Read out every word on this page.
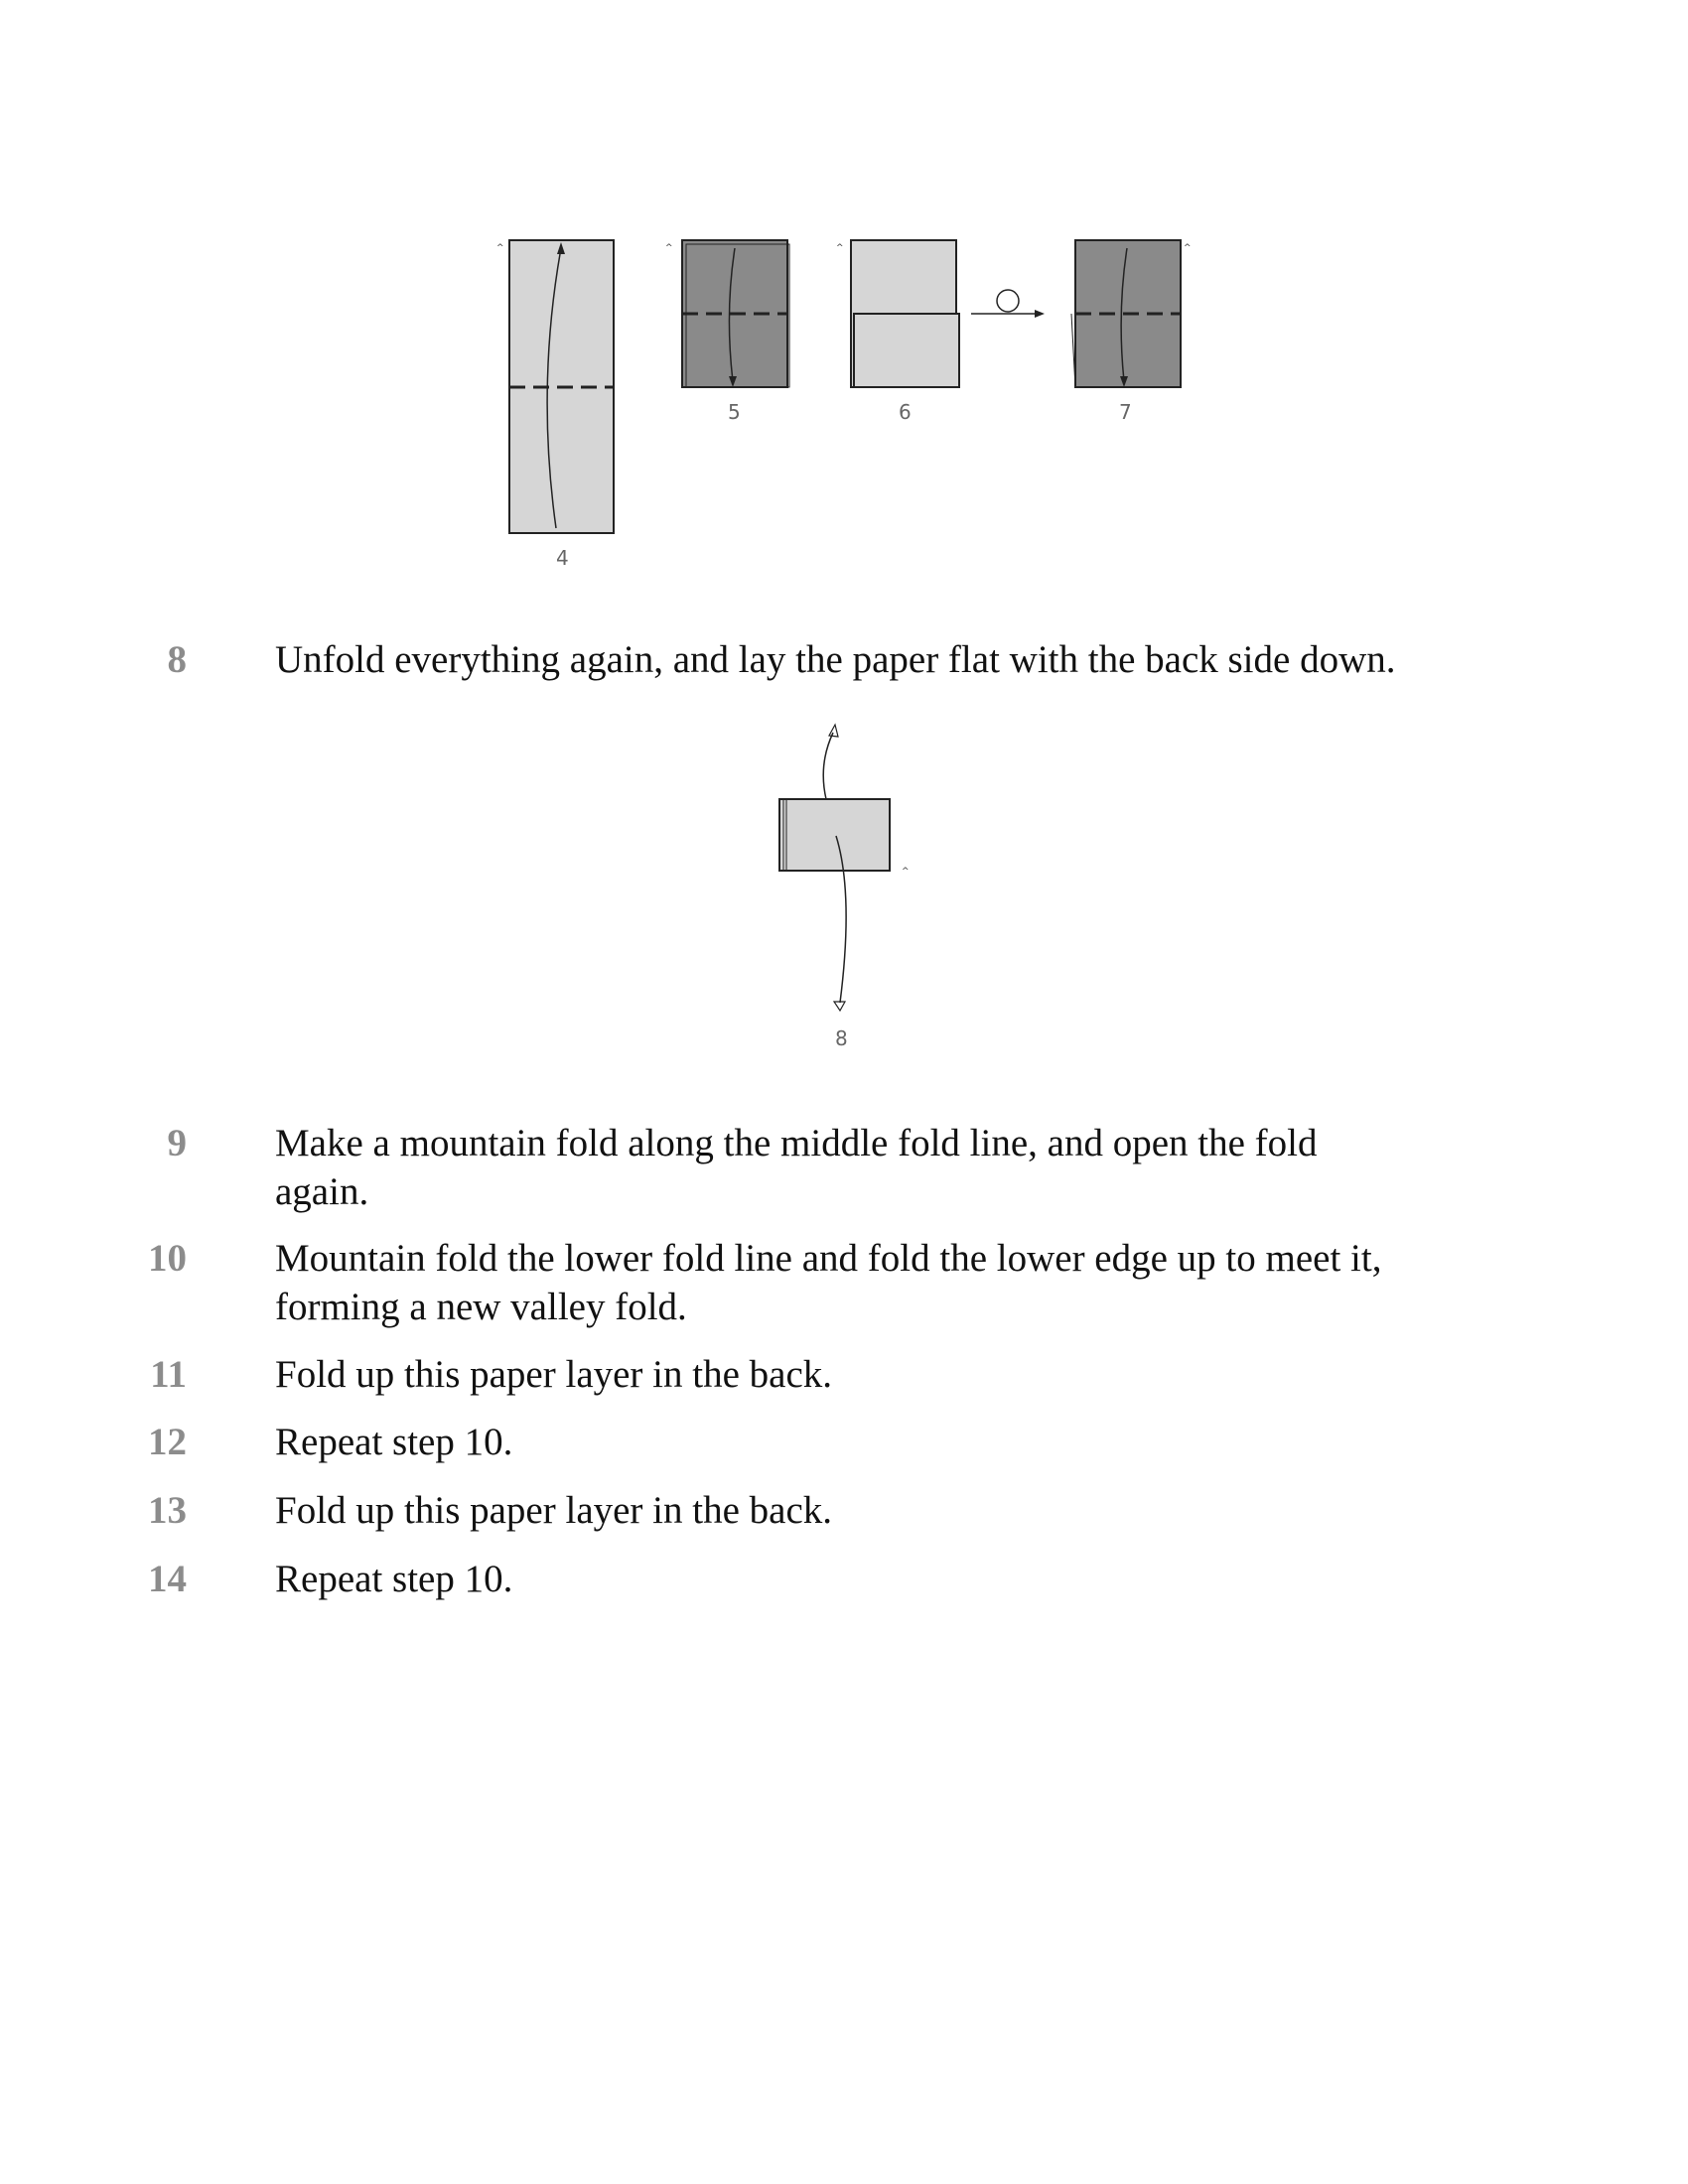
^
4
^
5
^
6
^
7
8	Unfold everything again, and lay the paper flat with the back side down.
^
8
9	Make a mountain fold along the middle fold line, and open the fold again.
10	Mountain fold the lower fold line and fold the lower edge up to meet it, forming a new valley fold.
11	Fold up this paper layer in the back.
12	Repeat step 10.
13	Fold up this paper layer in the back.
14	Repeat step 10.
